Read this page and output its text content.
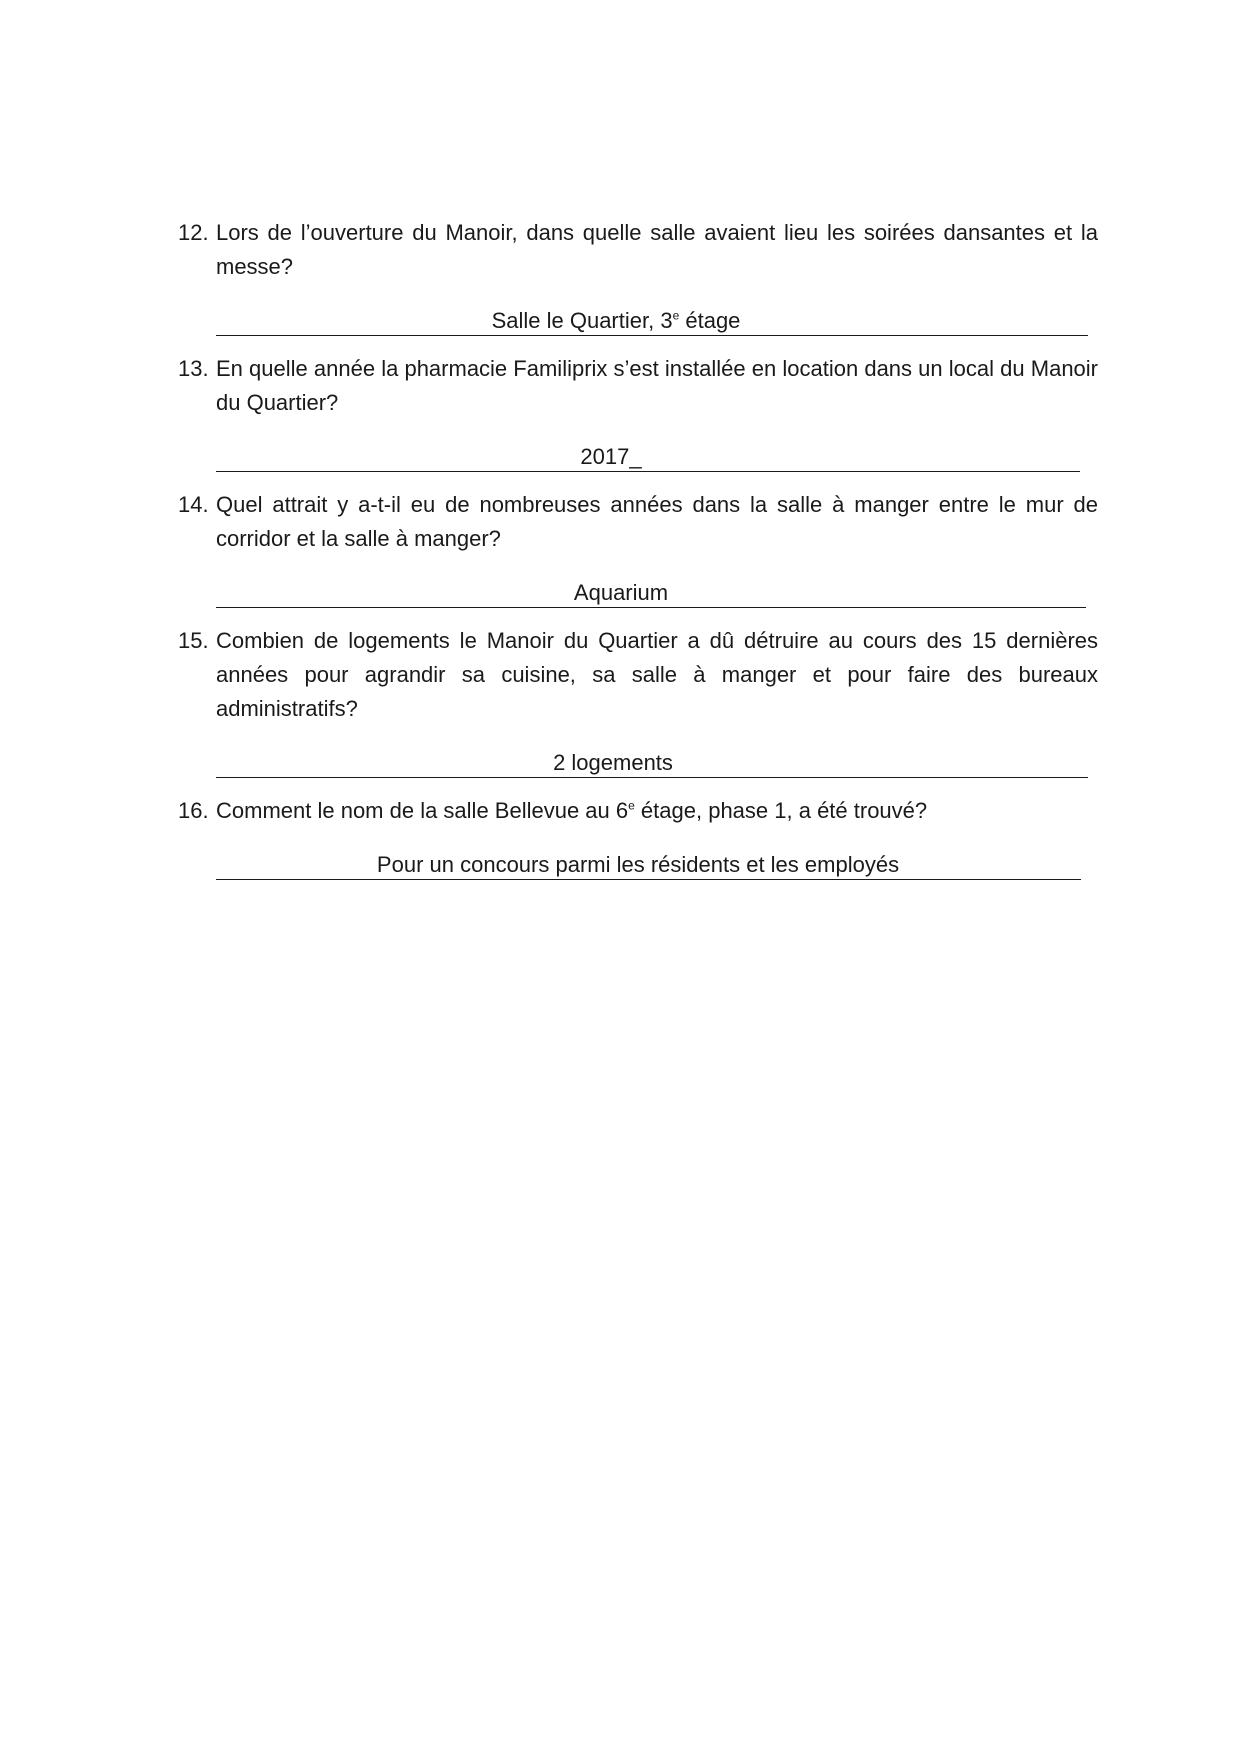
12. Lors de l’ouverture du Manoir, dans quelle salle avaient lieu les soirées dansantes et la messe?

Salle le Quartier, 3e étage
13. En quelle année la pharmacie Familiprix s’est installée en location dans un local du Manoir du Quartier?

2017_
14. Quel attrait y a-t-il eu de nombreuses années dans la salle à manger entre le mur de corridor et la salle à manger?

Aquarium
15. Combien de logements le Manoir du Quartier a dû détruire au cours des 15 dernières années pour agrandir sa cuisine, sa salle à manger et pour faire des bureaux administratifs?

2 logements
16. Comment le nom de la salle Bellevue au 6e étage, phase 1, a été trouvé?

Pour un concours parmi les résidents et les employés
